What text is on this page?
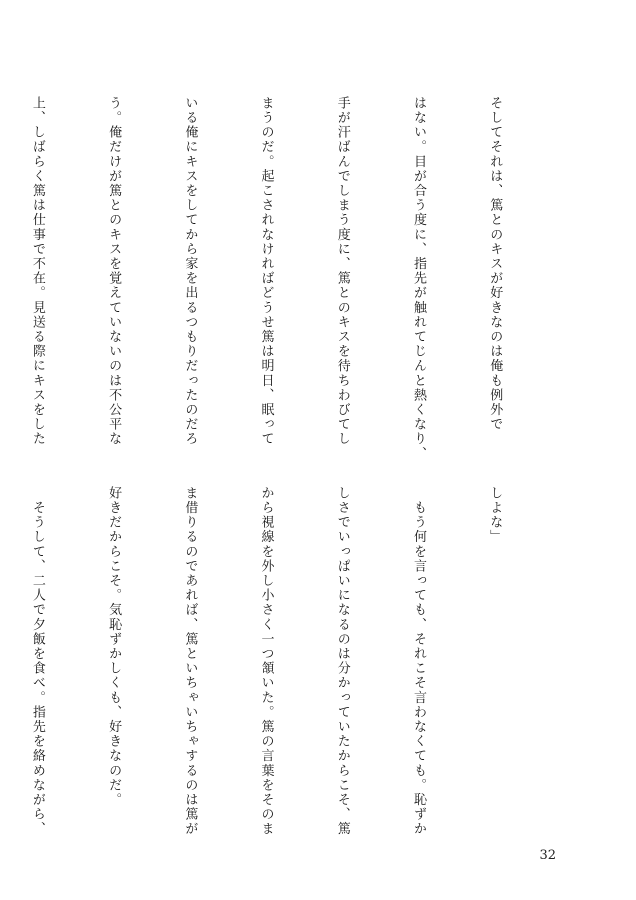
そしてそれは、篤とのキスが好きなのは俺も例外で

はない。目が合う度に、指先が触れてじんと熱くなり、

手が汗ばんでしまう度に、篤とのキスを待ちわびてし

まうのだ。起こされなければどうせ篤は明日、眠って

いる俺にキスをしてから家を出るつもりだったのだろ

う。俺だけが篤とのキスを覚えていないのは不公平な

上、しばらく篤は仕事で不在。見送る際にキスをした

しよな」

　もう何を言っても、それこそ言わなくても。恥ずか

しさでいっぱいになるのは分かっていたからこそ、篤

から視線を外し小さく一つ頷いた。篤の言葉をそのま

ま借りるのであれば、篤といちゃいちゃするのは篤が

好きだからこそ。気恥ずかしくも、好きなのだ。

　そうして、二人で夕飯を食べ。指先を絡めながら、

32
